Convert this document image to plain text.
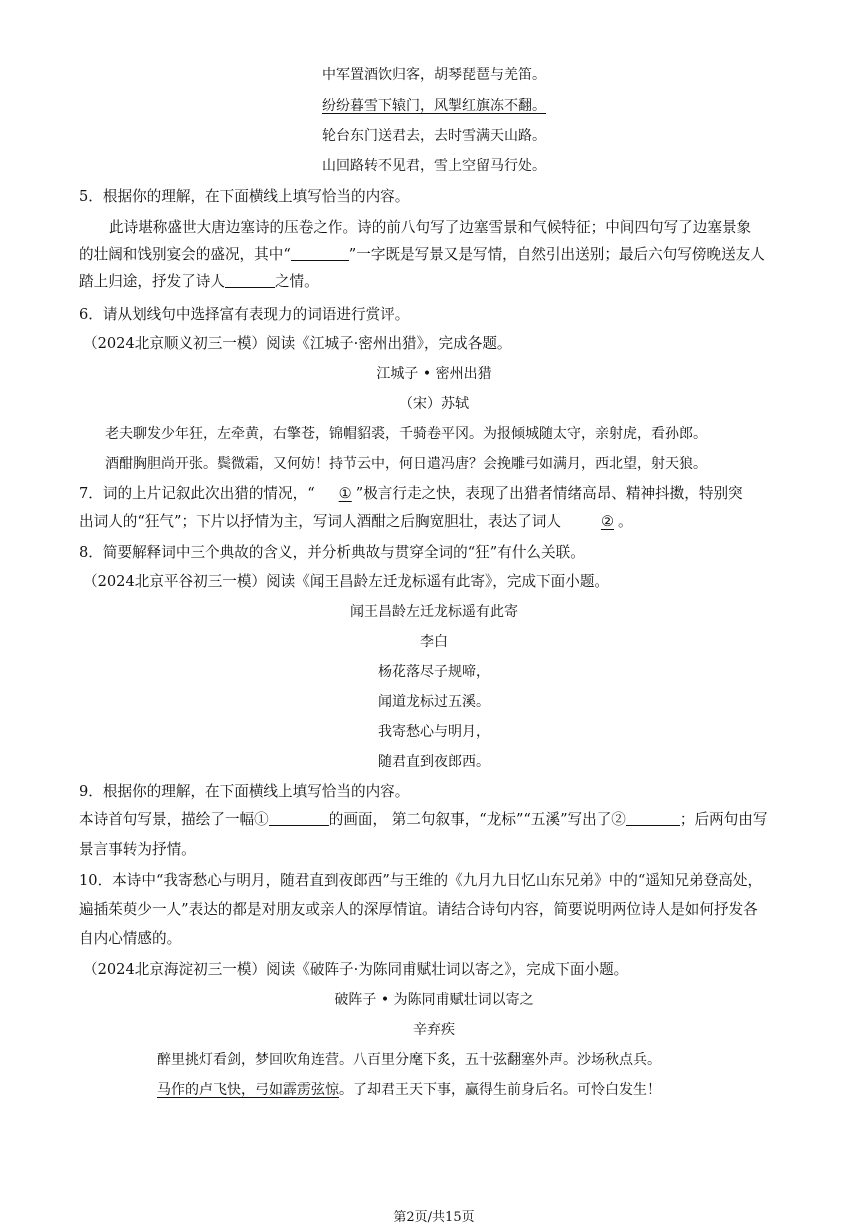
中军置酒饮归客，胡琴琵琶与羌笛。
纷纷暮雪下辕门，风掣红旗冻不翻。
轮台东门送君去，去时雪满天山路。
山回路转不见君，雪上空留马行处。
5．根据你的理解，在下面横线上填写恰当的内容。
此诗堪称盛世大唐边塞诗的压卷之作。诗的前八句写了边塞雪景和气候特征；中间四句写了边塞景象
的壮阔和饯别宴会的盛况，其中“	”一字既是写景又是写情，自然引出送别；最后六句写傍晚送友人
踏上归途，抒发了诗人	之情。
6．请从划线句中选择富有表现力的词语进行赏评。
（2024北京顺义初三一模）阅读《江城子·密州出猎》，完成各题。
江城子 • 密州出猎
（宋）苏轼
老夫聊发少年狂，左牵黄，右擎苍，锦帽貂裘，千骑卷平冈。为报倾城随太守，亲射虎，看孙郎。
酒酣胸胆尚开张。鬓微霜，又何妨！持节云中，何日遣冯唐？会挽雕弓如满月，西北望，射天狼。
7．词的上片记叙此次出猎的情况，“ ① ”极言行走之快，表现了出猎者情绪高昂、精神抖擞，特别突
出词人的“狂气”；下片以抒情为主，写词人酒酣之后胸宽胆壮，表达了词人	② 。
8．简要解释词中三个典故的含义，并分析典故与贯穿全词的“狂”有什么关联。
（2024北京平谷初三一模）阅读《闻王昌龄左迁龙标遥有此寄》，完成下面小题。
闻王昌龄左迁龙标遥有此寄
李白
杨花落尽子规啼，
闻道龙标过五溪。
我寄愁心与明月，
随君直到夜郎西。
9．根据你的理解，在下面横线上填写恰当的内容。
本诗首句写景，描绘了一幅①	的画面， 第二句叙事，“龙标”“五溪”写出了②	；后两句由写
景言事转为抒情。
10．本诗中“我寄愁心与明月，随君直到夜郎西”与王维的《九月九日忆山东兄弟》中的“遥知兄弟登高处，
遍插茱萸少一人”表达的都是对朋友或亲人的深厚情谊。请结合诗句内容，简要说明两位诗人是如何抒发各
自内心情感的。
（2024北京海淀初三一模）阅读《破阵子·为陈同甫赋壮词以寄之》，完成下面小题。
破阵子 • 为陈同甫赋壮词以寄之
辛弃疾
醉里挑灯看剑，梦回吹角连营。八百里分麾下炙，五十弦翻塞外声。沙场秋点兵。
马作的卢飞快，弓如霹雳弦惊。了却君王天下事，赢得生前身后名。可怜白发生！
第2页/共15页
